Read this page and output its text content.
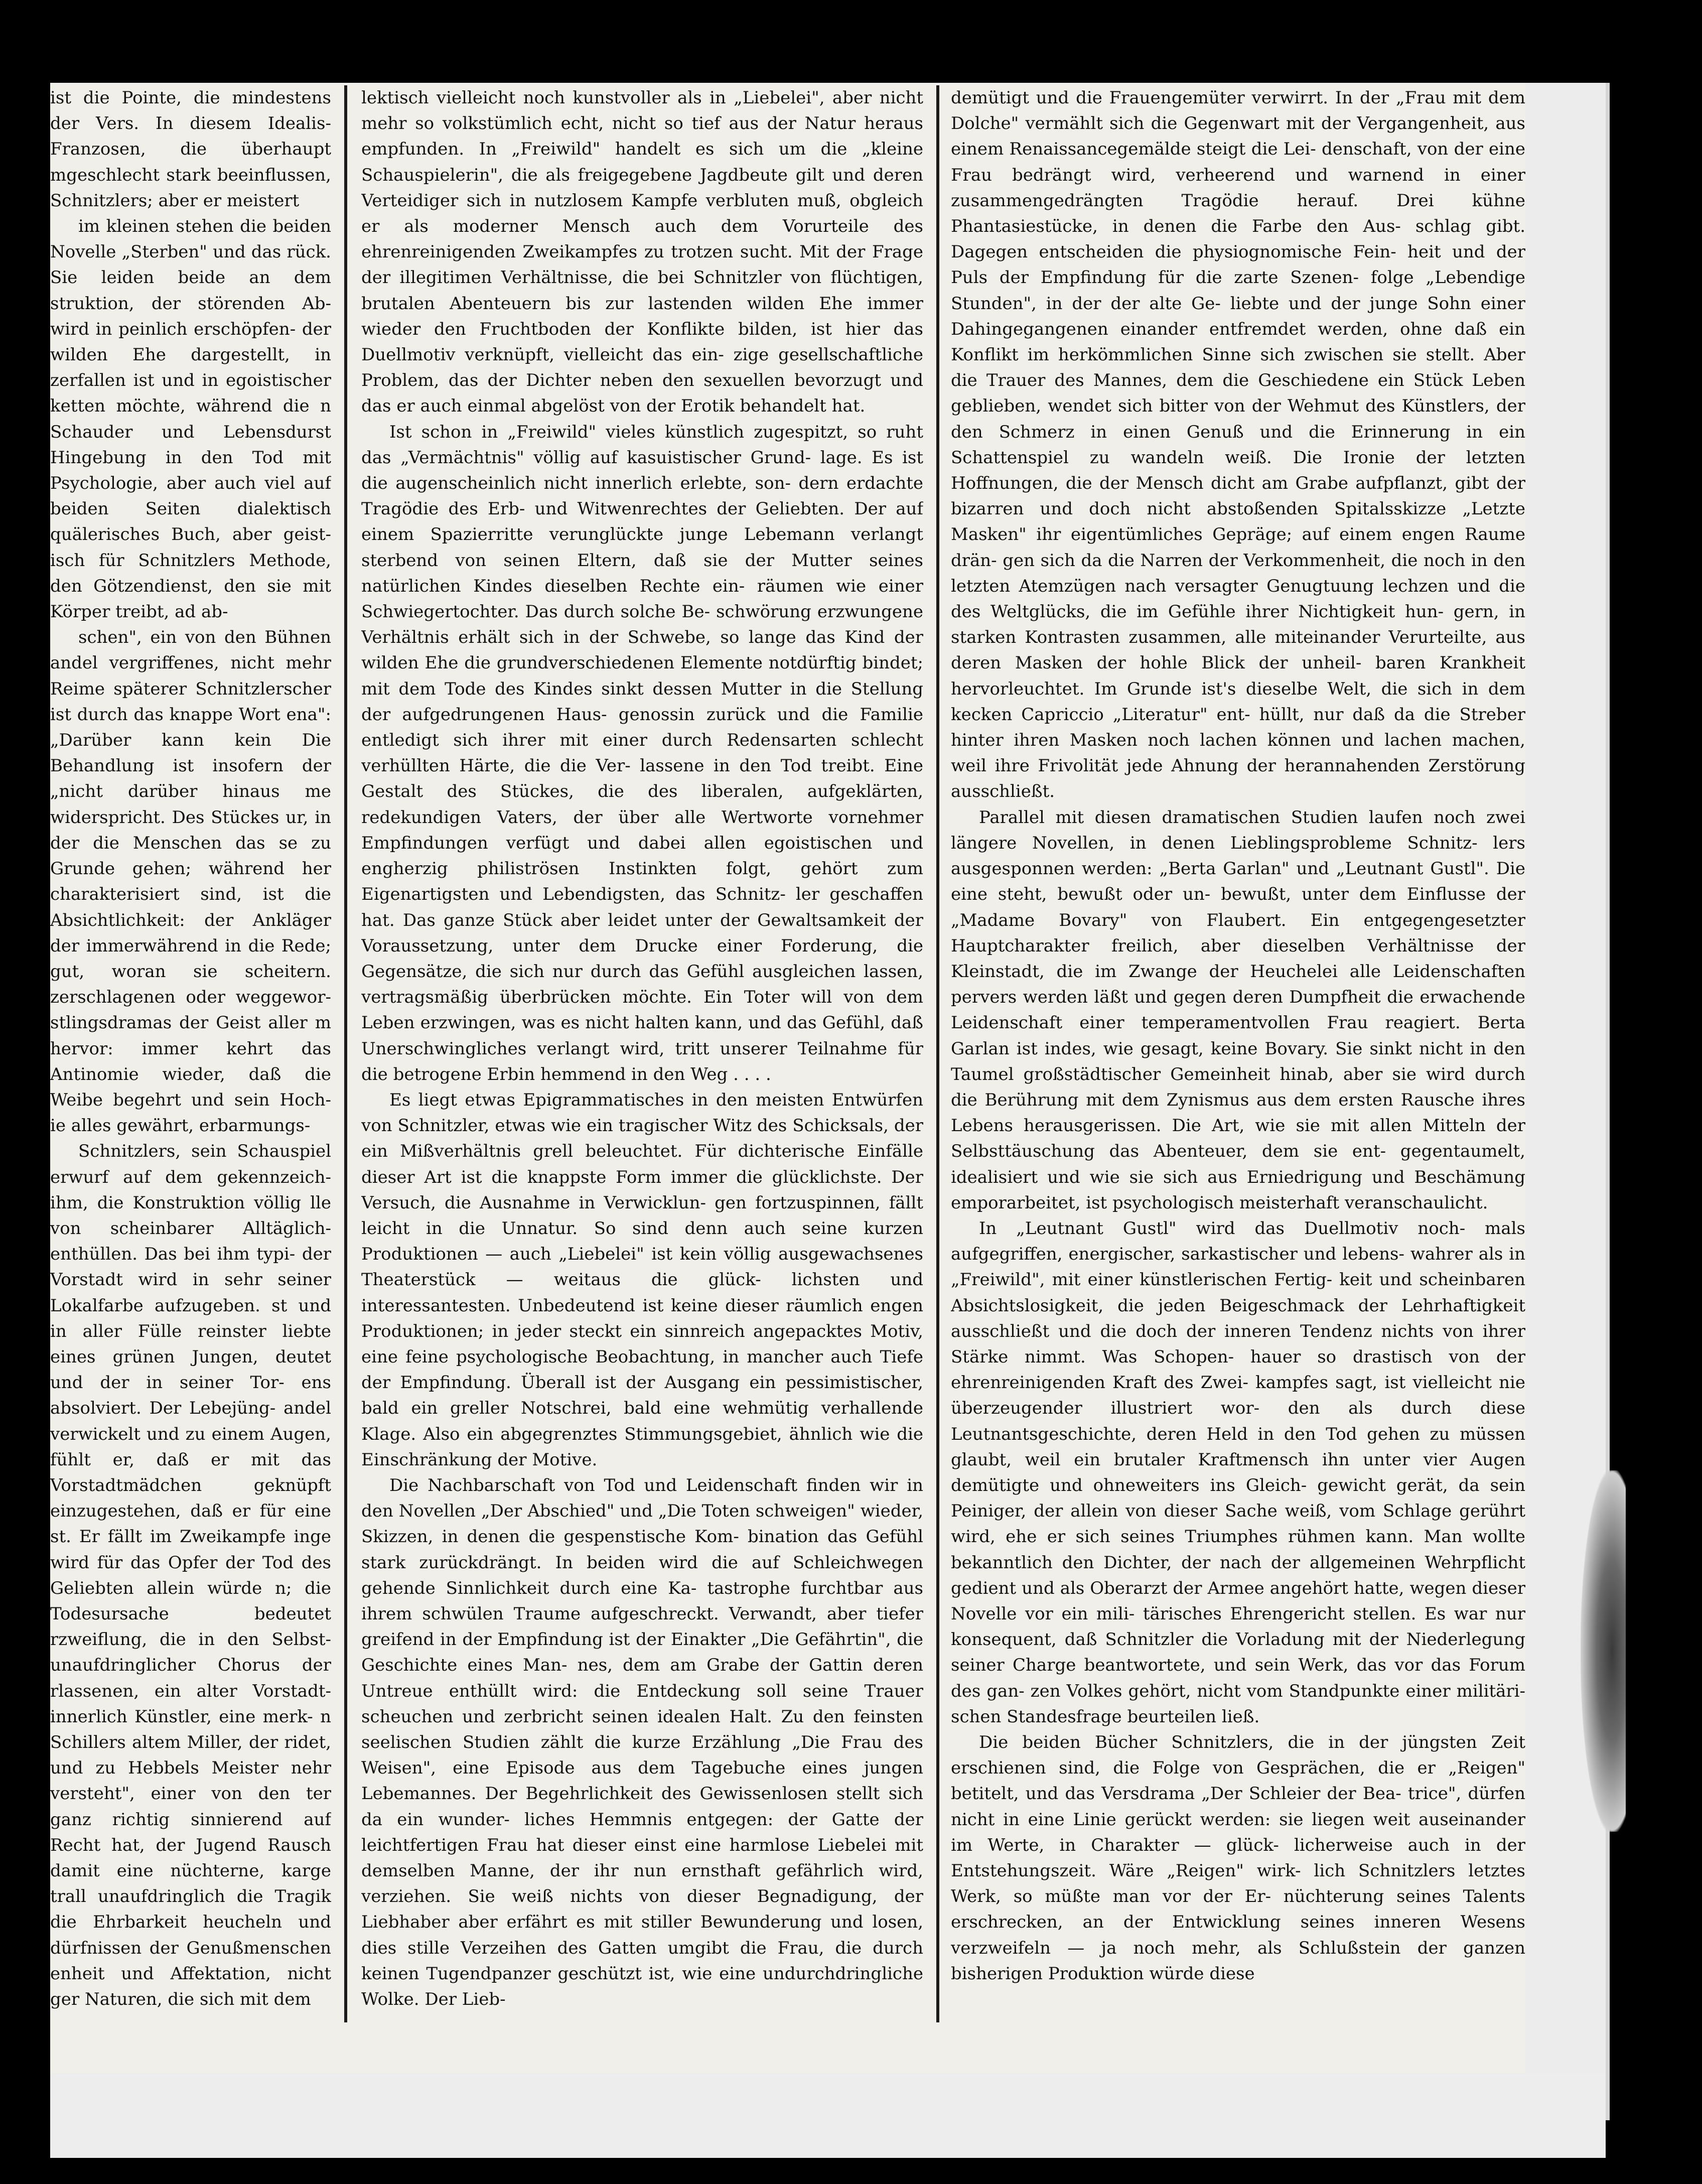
ist die Pointe, die mindestens der Vers. In diesem Idealis- Franzosen, die überhaupt mgeschlecht stark beeinflussen, Schnitzlers; aber er meistert

im kleinen stehen die beiden Novelle „Sterben" und das rück. Sie leiden beide an dem struktion, der störenden Ab- wird in peinlich erschöpfen- der wilden Ehe dargestellt, in zerfallen ist und in egoistischer ketten möchte, während die n Schauder und Lebensdurst Hingebung in den Tod mit Psychologie, aber auch viel auf beiden Seiten dialektisch quälerisches Buch, aber geist- isch für Schnitzlers Methode, den Götzendienst, den sie mit Körper treibt, ad ab-

schen", ein von den Bühnen andel vergriffenes, nicht mehr Reime späterer Schnitzlerscher ist durch das knappe Wort ena": „Darüber kann kein Die Behandlung ist insofern der „nicht darüber hinaus me widerspricht. Des Stückes ur, in der die Menschen das se zu Grunde gehen; während her charakterisiert sind, ist die Absichtlichkeit: der Ankläger der immerwährend in die Rede; gut, woran sie scheitern. zerschlagenen oder weggewor- stlingsdramas der Geist aller m hervor: immer kehrt das Antinomie wieder, daß die Weibe begehrt und sein Hoch- ie alles gewährt, erbarmungs-

Schnitzlers, sein Schauspiel erwurf auf dem gekennzeich- ihm, die Konstruktion völlig lle von scheinbarer Alltäglich- enthüllen. Das bei ihm typi- der Vorstadt wird in sehr seiner Lokalfarbe aufzugeben. st und in aller Fülle reinster liebte eines grünen Jungen, deutet und der in seiner Tor- ens absolviert. Der Lebejüng- andel verwickelt und zu einem Augen, fühlt er, daß er mit das Vorstadtmädchen geknüpft einzugestehen, daß er für eine st. Er fällt im Zweikampfe inge wird für das Opfer der Tod des Geliebten allein würde n; die Todesursache bedeutet rzweiflung, die in den Selbst- unaufdringlicher Chorus der rlassenen, ein alter Vorstadt- innerlich Künstler, eine merk- n Schillers altem Miller, der ridet, und zu Hebbels Meister nehr versteht", einer von den ter ganz richtig sinnierend auf Recht hat, der Jugend Rausch damit eine nüchterne, karge trall unaufdringlich die Tragik die Ehrbarkeit heucheln und dürfnissen der Genußmenschen enheit und Affektation, nicht ger Naturen, die sich mit dem

lektisch vielleicht noch kunstvoller als in „Liebelei", aber nicht mehr so volkstümlich echt, nicht so tief aus der Natur heraus empfunden. In „Freiwild" handelt es sich um die „kleine Schauspielerin", die als freigegebene Jagdbeute gilt und deren Verteidiger sich in nutzlosem Kampfe verbluten muß, obgleich er als moderner Mensch auch dem Vorurteile des ehrenreinigenden Zweikampfes zu trotzen sucht. Mit der Frage der illegitimen Verhältnisse, die bei Schnitzler von flüchtigen, brutalen Abenteuern bis zur lastenden wilden Ehe immer wieder den Fruchtboden der Konflikte bilden, ist hier das Duellmotiv verknüpft, vielleicht das ein- zige gesellschaftliche Problem, das der Dichter neben den sexuellen bevorzugt und das er auch einmal abgelöst von der Erotik behandelt hat.

Ist schon in „Freiwild" vieles künstlich zugespitzt, so ruht das „Vermächtnis" völlig auf kasuistischer Grund- lage. Es ist die augenscheinlich nicht innerlich erlebte, son- dern erdachte Tragödie des Erb- und Witwenrechtes der Geliebten. Der auf einem Spazierritte verunglückte junge Lebemann verlangt sterbend von seinen Eltern, daß sie der Mutter seines natürlichen Kindes dieselben Rechte ein- räumen wie einer Schwiegertochter. Das durch solche Be- schwörung erzwungene Verhältnis erhält sich in der Schwebe, so lange das Kind der wilden Ehe die grundverschiedenen Elemente notdürftig bindet; mit dem Tode des Kindes sinkt dessen Mutter in die Stellung der aufgedrungenen Haus- genossin zurück und die Familie entledigt sich ihrer mit einer durch Redensarten schlecht verhüllten Härte, die die Ver- lassene in den Tod treibt. Eine Gestalt des Stückes, die des liberalen, aufgeklärten, redekundigen Vaters, der über alle Wertworte vornehmer Empfindungen verfügt und dabei allen egoistischen und engherzig philiströsen Instinkten folgt, gehört zum Eigenartigsten und Lebendigsten, das Schnitz- ler geschaffen hat. Das ganze Stück aber leidet unter der Gewaltsamkeit der Voraussetzung, unter dem Drucke einer Forderung, die Gegensätze, die sich nur durch das Gefühl ausgleichen lassen, vertragsmäßig überbrücken möchte. Ein Toter will von dem Leben erzwingen, was es nicht halten kann, und das Gefühl, daß Unerschwingliches verlangt wird, tritt unserer Teilnahme für die betrogene Erbin hemmend in den Weg . . . .

Es liegt etwas Epigrammatisches in den meisten Entwürfen von Schnitzler, etwas wie ein tragischer Witz des Schicksals, der ein Mißverhältnis grell beleuchtet. Für dichterische Einfälle dieser Art ist die knappste Form immer die glücklichste. Der Versuch, die Ausnahme in Verwicklun- gen fortzuspinnen, fällt leicht in die Unnatur. So sind denn auch seine kurzen Produktionen — auch „Liebelei" ist kein völlig ausgewachsenes Theaterstück — weitaus die glück- lichsten und interessantesten. Unbedeutend ist keine dieser räumlich engen Produktionen; in jeder steckt ein sinnreich angepacktes Motiv, eine feine psychologische Beobachtung, in mancher auch Tiefe der Empfindung. Überall ist der Ausgang ein pessimistischer, bald ein greller Notschrei, bald eine wehmütig verhallende Klage. Also ein abgegrenztes Stimmungsgebiet, ähnlich wie die Einschränkung der Motive.

Die Nachbarschaft von Tod und Leidenschaft finden wir in den Novellen „Der Abschied" und „Die Toten schweigen" wieder, Skizzen, in denen die gespenstische Kom- bination das Gefühl stark zurückdrängt. In beiden wird die auf Schleichwegen gehende Sinnlichkeit durch eine Ka- tastrophe furchtbar aus ihrem schwülen Traume aufgeschreckt. Verwandt, aber tiefer greifend in der Empfindung ist der Einakter „Die Gefährtin", die Geschichte eines Man- nes, dem am Grabe der Gattin deren Untreue enthüllt wird: die Entdeckung soll seine Trauer scheuchen und zerbricht seinen idealen Halt. Zu den feinsten seelischen Studien zählt die kurze Erzählung „Die Frau des Weisen", eine Episode aus dem Tagebuche eines jungen Lebemannes. Der Begehrlichkeit des Gewissenlosen stellt sich da ein wunder- liches Hemmnis entgegen: der Gatte der leichtfertigen Frau hat dieser einst eine harmlose Liebelei mit demselben Manne, der ihr nun ernsthaft gefährlich wird, verziehen. Sie weiß nichts von dieser Begnadigung, der Liebhaber aber erfährt es mit stiller Bewunderung und losen, dies stille Verzeihen des Gatten umgibt die Frau, die durch keinen Tugendpanzer geschützt ist, wie eine undurchdringliche Wolke. Der Lieb-

demütigt und die Frauengemüter verwirrt. In der „Frau mit dem Dolche" vermählt sich die Gegenwart mit der Vergangenheit, aus einem Renaissancegemälde steigt die Lei- denschaft, von der eine Frau bedrängt wird, verheerend und warnend in einer zusammengedrängten Tragödie herauf. Drei kühne Phantasiestücke, in denen die Farbe den Aus- schlag gibt. Dagegen entscheiden die physiognomische Fein- heit und der Puls der Empfindung für die zarte Szenen- folge „Lebendige Stunden", in der der alte Ge- liebte und der junge Sohn einer Dahingegangenen einander entfremdet werden, ohne daß ein Konflikt im herkömmlichen Sinne sich zwischen sie stellt. Aber die Trauer des Mannes, dem die Geschiedene ein Stück Leben geblieben, wendet sich bitter von der Wehmut des Künstlers, der den Schmerz in einen Genuß und die Erinnerung in ein Schattenspiel zu wandeln weiß. Die Ironie der letzten Hoffnungen, die der Mensch dicht am Grabe aufpflanzt, gibt der bizarren und doch nicht abstoßenden Spitalsskizze „Letzte Masken" ihr eigentümliches Gepräge; auf einem engen Raume drän- gen sich da die Narren der Verkommenheit, die noch in den letzten Atemzügen nach versagter Genugtuung lechzen und die des Weltglücks, die im Gefühle ihrer Nichtigkeit hun- gern, in starken Kontrasten zusammen, alle miteinander Verurteilte, aus deren Masken der hohle Blick der unheil- baren Krankheit hervorleuchtet. Im Grunde ist's dieselbe Welt, die sich in dem kecken Capriccio „Literatur" ent- hüllt, nur daß da die Streber hinter ihren Masken noch lachen können und lachen machen, weil ihre Frivolität jede Ahnung der herannahenden Zerstörung ausschließt.

Parallel mit diesen dramatischen Studien laufen noch zwei längere Novellen, in denen Lieblingsprobleme Schnitz- lers ausgesponnen werden: „Berta Garlan" und „Leutnant Gustl". Die eine steht, bewußt oder un- bewußt, unter dem Einflusse der „Madame Bovary" von Flaubert. Ein entgegengesetzter Hauptcharakter freilich, aber dieselben Verhältnisse der Kleinstadt, die im Zwange der Heuchelei alle Leidenschaften pervers werden läßt und gegen deren Dumpfheit die erwachende Leidenschaft einer temperamentvollen Frau reagiert. Berta Garlan ist indes, wie gesagt, keine Bovary. Sie sinkt nicht in den Taumel großstädtischer Gemeinheit hinab, aber sie wird durch die Berührung mit dem Zynismus aus dem ersten Rausche ihres Lebens herausgerissen. Die Art, wie sie mit allen Mitteln der Selbsttäuschung das Abenteuer, dem sie ent- gegentaumelt, idealisiert und wie sie sich aus Erniedrigung und Beschämung emporarbeitet, ist psychologisch meisterhaft veranschaulicht.

In „Leutnant Gustl" wird das Duellmotiv noch- mals aufgegriffen, energischer, sarkastischer und lebens- wahrer als in „Freiwild", mit einer künstlerischen Fertig- keit und scheinbaren Absichtslosigkeit, die jeden Beigeschmack der Lehrhaftigkeit ausschließt und die doch der inneren Tendenz nichts von ihrer Stärke nimmt. Was Schopen- hauer so drastisch von der ehrenreinigenden Kraft des Zwei- kampfes sagt, ist vielleicht nie überzeugender illustriert wor- den als durch diese Leutnantsgeschichte, deren Held in den Tod gehen zu müssen glaubt, weil ein brutaler Kraftmensch ihn unter vier Augen demütigte und ohneweiters ins Gleich- gewicht gerät, da sein Peiniger, der allein von dieser Sache weiß, vom Schlage gerührt wird, ehe er sich seines Triumphes rühmen kann. Man wollte bekanntlich den Dichter, der nach der allgemeinen Wehrpflicht gedient und als Oberarzt der Armee angehört hatte, wegen dieser Novelle vor ein mili- tärisches Ehrengericht stellen. Es war nur konsequent, daß Schnitzler die Vorladung mit der Niederlegung seiner Charge beantwortete, und sein Werk, das vor das Forum des gan- zen Volkes gehört, nicht vom Standpunkte einer militäri- schen Standesfrage beurteilen ließ.

Die beiden Bücher Schnitzlers, die in der jüngsten Zeit erschienen sind, die Folge von Gesprächen, die er „Reigen" betitelt, und das Versdrama „Der Schleier der Bea- trice", dürfen nicht in eine Linie gerückt werden: sie liegen weit auseinander im Werte, in Charakter — glück- licherweise auch in der Entstehungszeit. Wäre „Reigen" wirk- lich Schnitzlers letztes Werk, so müßte man vor der Er- nüchterung seines Talents erschrecken, an der Entwicklung seines inneren Wesens verzweifeln — ja noch mehr, als Schlußstein der ganzen bisherigen Produktion würde diese
